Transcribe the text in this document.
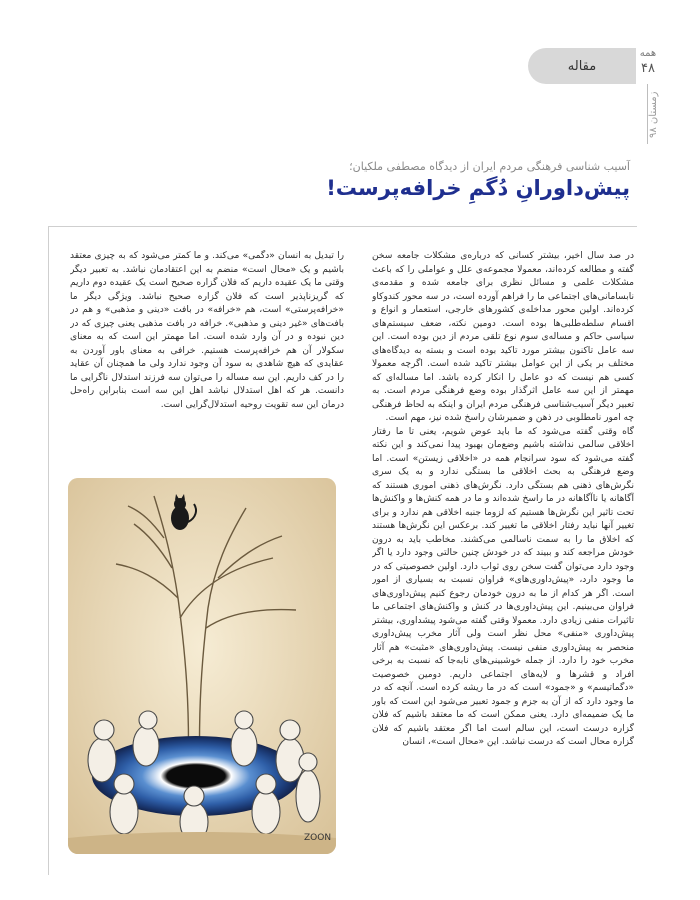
مقاله
همه
۴۸
زمستان ۹۸
آسیب شناسی فرهنگی مردم ایران از دیدگاه مصطفی ملکیان؛
پیش‌داورانِ دُگمِ خرافه‌پرست!

در صد سال اخیر، بیشتر کسانی که درباره‌ی مشکلات جامعه سخن گفته و مطالعه کرده‌اند، معمولا مجموعه‌ی علل و عواملی را که باعث مشکلات علمی و مسائل نظری برای جامعه شده و مقدمه‌ی نابسامانی‌های اجتماعی ما را فراهم آورده است، در سه محور کندوکاو کرده‌اند. اولین محور مداخله‌ی کشورهای خارجی، استعمار و انواع و اقسام سلطه‌طلبی‌ها بوده است. دومین نکته، ضعف سیستم‌های سیاسی حاکم و مساله‌ی سوم نوع تلقی مردم از دین بوده است. این سه عامل تاکنون بیشتر مورد تاکید بوده است و بسته به دیدگاه‌های مختلف بر یکی از این عوامل بیشتر تاکید شده است. اگرچه معمولا کسی هم نیست که دو عامل را انکار کرده باشد. اما مساله‌ای که مهمتر از این سه عامل اثرگذار بوده وضع فرهنگی مردم است. به تعبیر دیگر آسیب‌شناسی فرهنگی مردم ایران و اینکه به لحاظ فرهنگی چه امور نامطلوبی در ذهن و ضمیرشان راسخ شده نیز، مهم است.

گاه وقتی گفته می‌شود که ما باید عوض شویم، یعنی تا ما رفتار اخلاقی سالمی نداشته باشیم وضع‌مان بهبود پیدا نمی‌کند و این نکته گفته می‌شود که سود سرانجام همه در «اخلاقی زیستن» است. اما وضع فرهنگی به بحث اخلاقی ما بستگی ندارد و به یک سری نگرش‌های ذهنی هم بستگی دارد. نگرش‌های ذهنی اموری هستند که آگاهانه یا ناآگاهانه در ما راسخ شده‌اند و ما در همه کنش‌ها و واکنش‌ها تحت تاثیر این نگرش‌ها هستیم که لزوما جنبه اخلاقی هم ندارد و برای تغییر آنها نباید رفتار اخلاقی ما تغییر کند. برعکس این نگرش‌ها هستند که اخلاق ما را به سمت ناسالمی می‌کشند. مخاطب باید به درون خودش مراجعه کند و ببیند که در خودش چنین حالتی وجود دارد یا اگر وجود دارد می‌توان گفت سخن روی ثواب دارد. اولین خصوصیتی که در ما وجود دارد، «پیش‌داوری‌های» فراوان نسبت به بسیاری از امور است. اگر هر کدام از ما به درون خودمان رجوع کنیم پیش‌داوری‌های فراوان می‌بینیم. این پیش‌داوری‌ها در کنش و واکنش‌های اجتماعی ما تاثیرات منفی زیادی دارد. معمولا وقتی گفته می‌شود پیشداوری، بیشتر پیش‌داوری «منفی» محل نظر است ولی آثار مخرب پیش‌داوری منحصر به پیش‌داوری منفی نیست. پیش‌داوری‌های «مثبت» هم آثار مخرب خود را دارد. از جمله خوشبینی‌های نابه‌جا که نسبت به برخی افراد و قشرها و لایه‌های اجتماعی داریم. دومین خصوصیت «دگماتیسم» و «جمود» است که در ما ریشه کرده است. آنچه که در ما وجود دارد که از آن به جزم و جمود تعبیر می‌شود این است که باور ما یک ضمیمه‌ای دارد. یعنی ممکن است که ما معتقد باشیم که فلان گزاره درست است، این سالم است اما اگر معتقد باشیم که فلان گزاره محال است که درست نباشد. این «محال است»، انسان

را تبدیل به انسان «دگمی» می‌کند. و ما کمتر می‌شود که به چیزی معتقد باشیم و یک «محال است» منضم به این اعتقادمان نباشد. به تعبیر دیگر وقتی ما یک عقیده داریم که فلان گزاره صحیح است یک عقیده دوم داریم که گریزناپذیر است که فلان گزاره صحیح نباشد. ویژگی دیگر ما «خرافه‌پرستی» است، هم «خرافه» در بافت «دینی و مذهبی» و هم در بافت‌های «غیر دینی و مذهبی». خرافه در بافت مذهبی یعنی چیزی که در دین نبوده و در آن وارد شده است. اما مهمتر این است که به معنای سکولار آن هم خرافه‌پرست هستیم. خرافی به معنای باور آوردن به عقایدی که هیچ شاهدی به سود آن وجود ندارد ولی ما همچنان آن عقاید را در کف داریم. این سه مساله را می‌توان سه فرزند استدلال ناگرایی ما دانست. هر که اهل استدلال نباشد اهل این سه است بنابراین راه‌حل درمان این سه تقویت روحیه استدلال‌گرایی است.

ZOON
